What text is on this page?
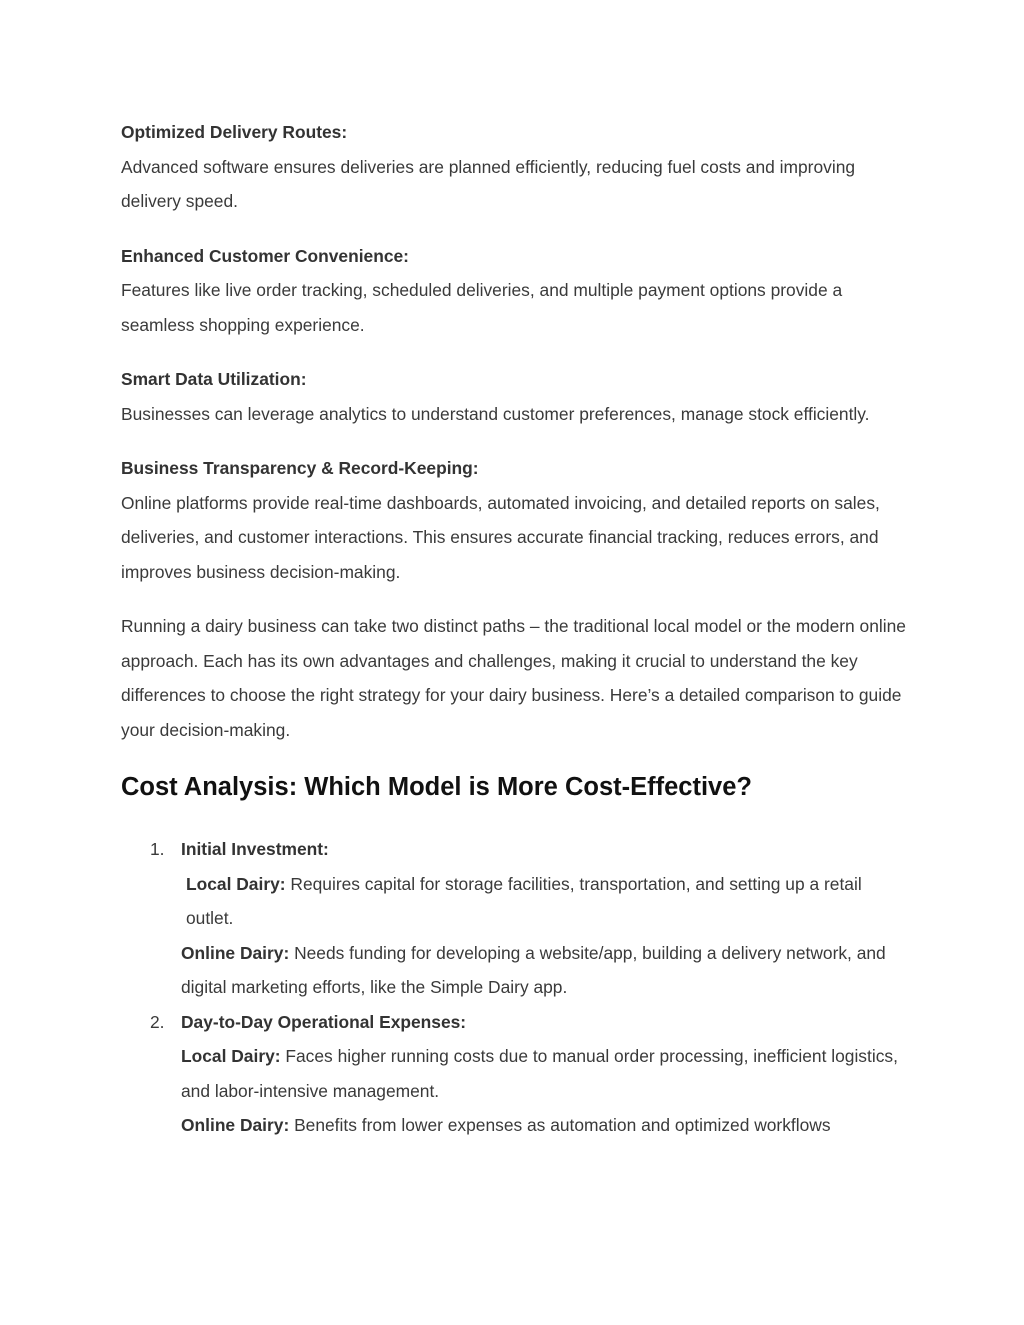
Optimized Delivery Routes:
Advanced software ensures deliveries are planned efficiently, reducing fuel costs and improving delivery speed.
Enhanced Customer Convenience:
Features like live order tracking, scheduled deliveries, and multiple payment options provide a seamless shopping experience.
Smart Data Utilization:
Businesses can leverage analytics to understand customer preferences, manage stock efficiently.
Business Transparency & Record-Keeping:
Online platforms provide real-time dashboards, automated invoicing, and detailed reports on sales, deliveries, and customer interactions. This ensures accurate financial tracking, reduces errors, and improves business decision-making.

Running a dairy business can take two distinct paths – the traditional local model or the modern online approach. Each has its own advantages and challenges, making it crucial to understand the key differences to choose the right strategy for your dairy business. Here’s a detailed comparison to guide your decision-making.

Cost Analysis: Which Model is More Cost-Effective?
1. Initial Investment:
Local Dairy: Requires capital for storage facilities, transportation, and setting up a retail outlet.
Online Dairy: Needs funding for developing a website/app, building a delivery network, and digital marketing efforts, like the Simple Dairy app.
2. Day-to-Day Operational Expenses:
Local Dairy: Faces higher running costs due to manual order processing, inefficient logistics, and labor-intensive management.
Online Dairy: Benefits from lower expenses as automation and optimized workflows
